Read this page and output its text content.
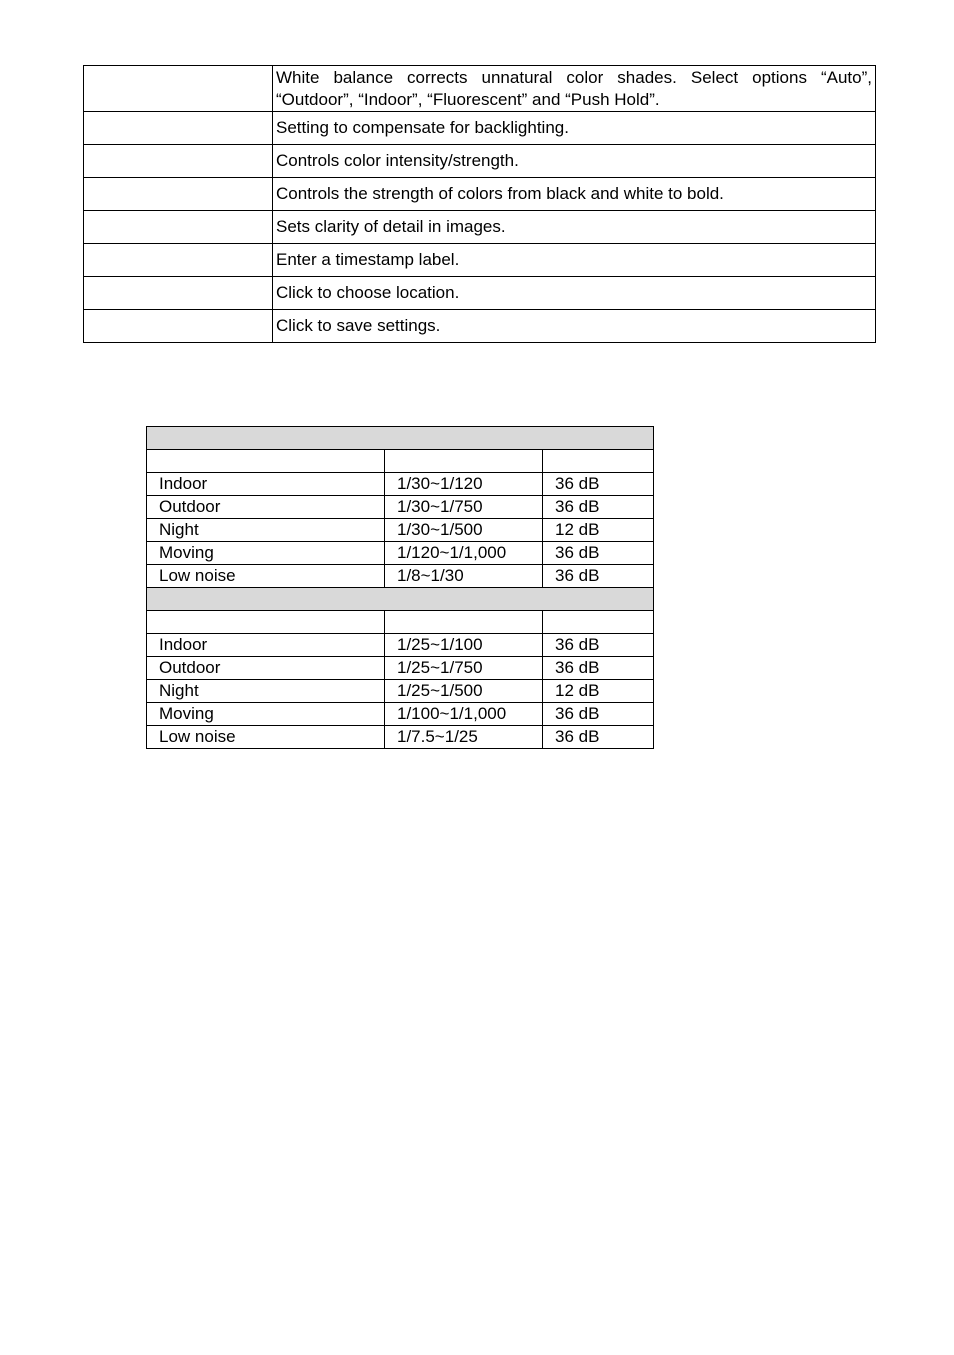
	White balance corrects unnatural color shades. Select options “Auto”, “Outdoor”, “Indoor”, “Fluorescent” and “Push Hold”.
	Setting to compensate for backlighting.
	Controls color intensity/strength.
	Controls the strength of colors from black and white to bold.
	Sets clarity of detail in images.
	Enter a timestamp label.
	Click to choose location.
	Click to save settings.

Indoor	1/30~1/120	36 dB
Outdoor	1/30~1/750	36 dB
Night	1/30~1/500	12 dB
Moving	1/120~1/1,000	36 dB
Low noise	1/8~1/30	36 dB

Indoor	1/25~1/100	36 dB
Outdoor	1/25~1/750	36 dB
Night	1/25~1/500	12 dB
Moving	1/100~1/1,000	36 dB
Low noise	1/7.5~1/25	36 dB
